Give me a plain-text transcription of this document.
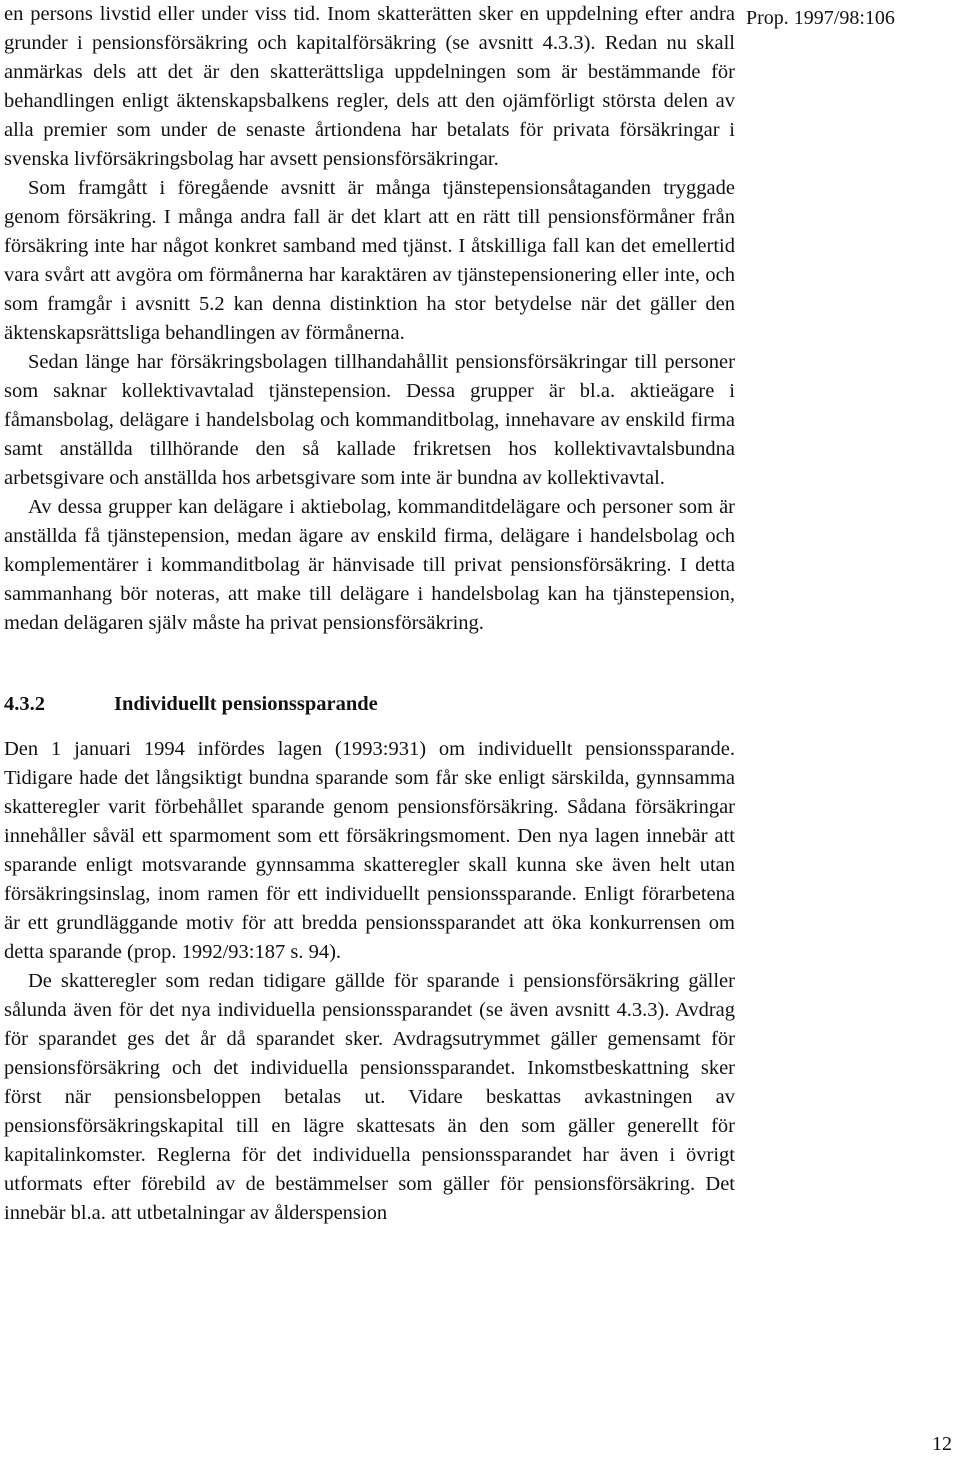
Prop. 1997/98:106

en persons livstid eller under viss tid. Inom skatterätten sker en uppdelning efter andra grunder i pensionsförsäkring och kapitalförsäkring (se avsnitt 4.3.3). Redan nu skall anmärkas dels att det är den skatterättsliga uppdelningen som är bestämmande för behandlingen enligt äktenskapsbalkens regler, dels att den ojämförligt största delen av alla premier som under de senaste årtiondena har betalats för privata försäkringar i svenska livförsäkringsbolag har avsett pensionsförsäkringar.

Som framgått i föregående avsnitt är många tjänstepensionsåtaganden tryggade genom försäkring. I många andra fall är det klart att en rätt till pensionsförmåner från försäkring inte har något konkret samband med tjänst. I åtskilliga fall kan det emellertid vara svårt att avgöra om förmånerna har karaktären av tjänstepensionering eller inte, och som framgår i avsnitt 5.2 kan denna distinktion ha stor betydelse när det gäller den äktenskapsrättsliga behandlingen av förmånerna.

Sedan länge har försäkringsbolagen tillhandahållit pensionsförsäkringar till personer som saknar kollektivavtalad tjänstepension. Dessa grupper är bl.a. aktieägare i fåmansbolag, delägare i handelsbolag och kommanditbolag, innehavare av enskild firma samt anställda tillhörande den så kallade frikretsen hos kollektivavtalsbundna arbetsgivare och anställda hos arbetsgivare som inte är bundna av kollektivavtal.

Av dessa grupper kan delägare i aktiebolag, kommanditdelägare och personer som är anställda få tjänstepension, medan ägare av enskild firma, delägare i handelsbolag och komplementärer i kommanditbolag är hänvisade till privat pensionsförsäkring. I detta sammanhang bör noteras, att make till delägare i handelsbolag kan ha tjänstepension, medan delägaren själv måste ha privat pensionsförsäkring.

4.3.2	Individuellt pensionssparande

Den 1 januari 1994 infördes lagen (1993:931) om individuellt pensionssparande. Tidigare hade det långsiktigt bundna sparande som får ske enligt särskilda, gynnsamma skatteregler varit förbehållet sparande genom pensionsförsäkring. Sådana försäkringar innehåller såväl ett sparmoment som ett försäkringsmoment. Den nya lagen innebär att sparande enligt motsvarande gynnsamma skatteregler skall kunna ske även helt utan försäkringsinslag, inom ramen för ett individuellt pensionssparande. Enligt förarbetena är ett grundläggande motiv för att bredda pensionssparandet att öka konkurrensen om detta sparande (prop. 1992/93:187 s. 94).

De skatteregler som redan tidigare gällde för sparande i pensionsförsäkring gäller sålunda även för det nya individuella pensionssparandet (se även avsnitt 4.3.3). Avdrag för sparandet ges det år då sparandet sker. Avdragsutrymmet gäller gemensamt för pensionsförsäkring och det individuella pensionssparandet. Inkomstbeskattning sker först när pensionsbeloppen betalas ut. Vidare beskattas avkastningen av pensionsförsäkringskapital till en lägre skattesats än den som gäller generellt för kapitalinkomster. Reglerna för det individuella pensionssparandet har även i övrigt utformats efter förebild av de bestämmelser som gäller för pensionsförsäkring. Det innebär bl.a. att utbetalningar av ålderspension

12
